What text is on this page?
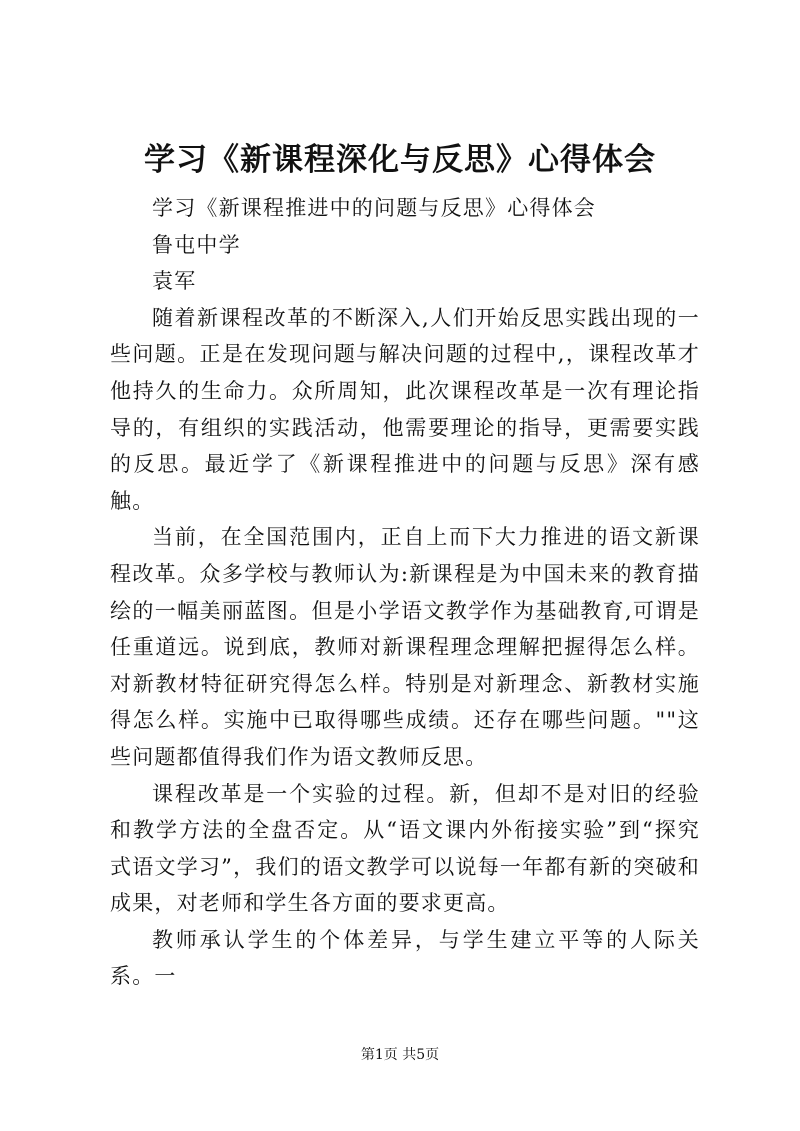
学习《新课程深化与反思》心得体会

学习《新课程推进中的问题与反思》心得体会

鲁屯中学

袁军

随着新课程改革的不断深入,人们开始反思实践出现的一些问题。正是在发现问题与解决问题的过程中,，课程改革才他持久的生命力。众所周知，此次课程改革是一次有理论指导的，有组织的实践活动，他需要理论的指导，更需要实践的反思。最近学了《新课程推进中的问题与反思》深有感触。

当前，在全国范围内，正自上而下大力推进的语文新课程改革。众多学校与教师认为:新课程是为中国未来的教育描绘的一幅美丽蓝图。但是小学语文教学作为基础教育,可谓是任重道远。说到底，教师对新课程理念理解把握得怎么样。对新教材特征研究得怎么样。特别是对新理念、新教材实施得怎么样。实施中已取得哪些成绩。还存在哪些问题。""这些问题都值得我们作为语文教师反思。

课程改革是一个实验的过程。新，但却不是对旧的经验和教学方法的全盘否定。从“语文课内外衔接实验”到“探究式语文学习”，我们的语文教学可以说每一年都有新的突破和成果，对老师和学生各方面的要求更高。

教师承认学生的个体差异，与学生建立平等的人际关系。一

第1页 共5页
